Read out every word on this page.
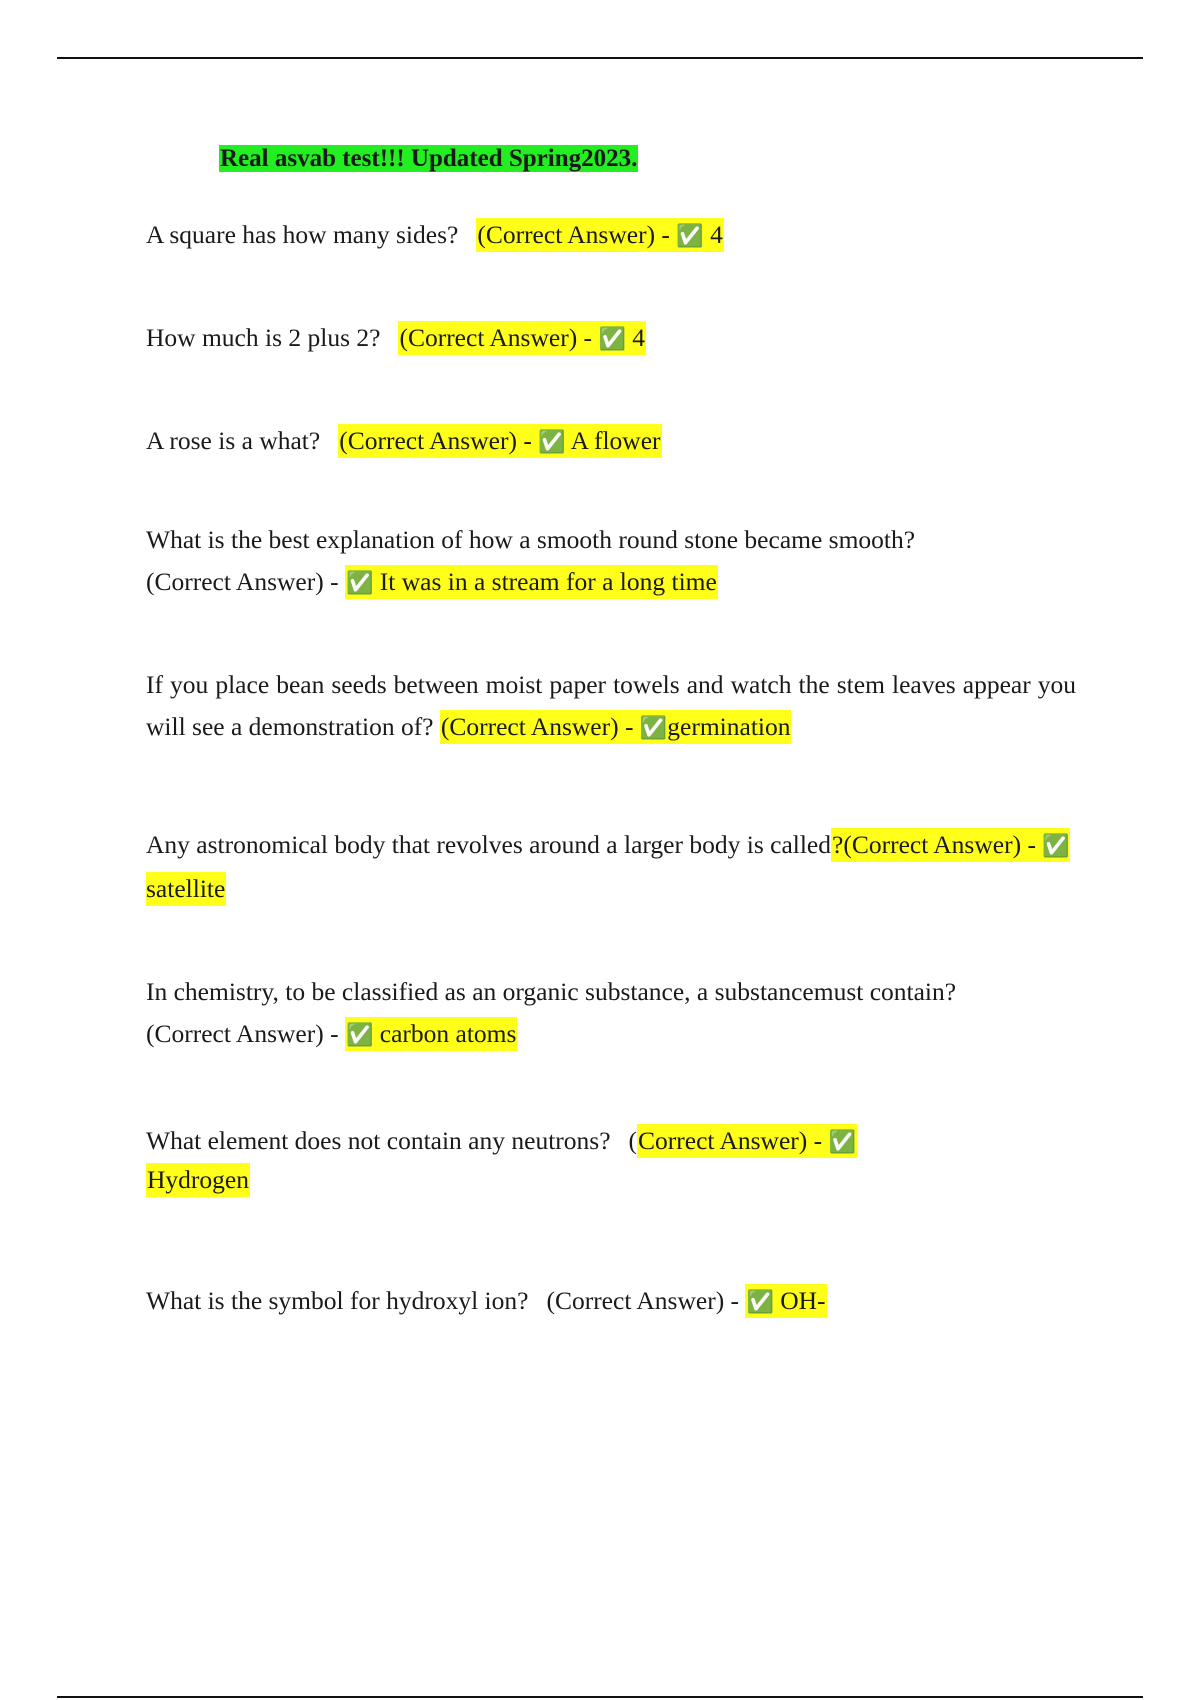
Real asvab test!!! Updated Spring2023.

A square has how many sides? (Correct Answer) - ✅ 4

How much is 2 plus 2? (Correct Answer) - ✅ 4

A rose is a what? (Correct Answer) - ✅ A flower

What is the best explanation of how a smooth round stone became smooth?
(Correct Answer) - ✅ It was in a stream for a long time

If you place bean seeds between moist paper towels and watch the stem leaves appear you will see a demonstration of? (Correct Answer) - ✅germination

Any astronomical body that revolves around a larger body is called?(Correct Answer) - ✅ satellite

In chemistry, to be classified as an organic substance, a substancemust contain?
(Correct Answer) - ✅ carbon atoms

What element does not contain any neutrons? (Correct Answer) - ✅
Hydrogen

What is the symbol for hydroxyl ion? (Correct Answer) - ✅ OH-
